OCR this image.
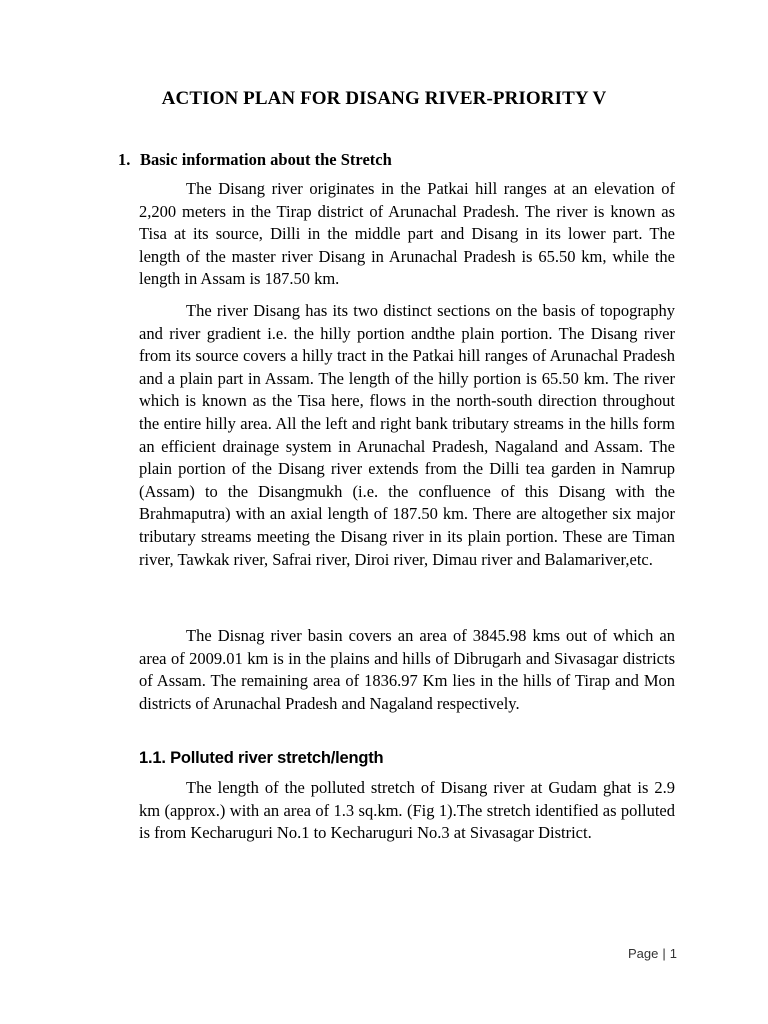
ACTION PLAN FOR DISANG RIVER-PRIORITY V
1. Basic information about the Stretch

The Disang river originates in the Patkai hill ranges at an elevation of 2,200 meters in the Tirap district of Arunachal Pradesh. The river is known as Tisa at its source, Dilli in the middle part and Disang in its lower part. The length of the master river Disang in Arunachal Pradesh is 65.50 km, while the length in Assam is 187.50 km.

The river Disang has its two distinct sections on the basis of topography and river gradient i.e. the hilly portion andthe plain portion. The Disang river from its source covers a hilly tract in the Patkai hill ranges of Arunachal Pradesh and a plain part in Assam. The length of the hilly portion is 65.50 km. The river which is known as the Tisa here, flows in the north-south direction throughout the entire hilly area. All the left and right bank tributary streams in the hills form an efficient drainage system in Arunachal Pradesh, Nagaland and Assam. The plain portion of the Disang river extends from the Dilli tea garden in Namrup (Assam) to the Disangmukh (i.e. the confluence of this Disang with the Brahmaputra) with an axial length of 187.50 km. There are altogether six major tributary streams meeting the Disang river in its plain portion. These are Timan river, Tawkak river, Safrai river, Diroi river, Dimau river and Balamariver,etc.

The Disnag river basin covers an area of 3845.98 kms out of which an area of 2009.01 km is in the plains and hills of Dibrugarh and Sivasagar districts of Assam. The remaining area of 1836.97 Km lies in the hills of Tirap and Mon districts of Arunachal Pradesh and Nagaland respectively.

1.1. Polluted river stretch/length

The length of the polluted stretch of Disang river at Gudam ghat is 2.9 km (approx.) with an area of 1.3 sq.km. (Fig 1).The stretch identified as polluted is from Kecharuguri No.1 to Kecharuguri No.3 at Sivasagar District.

Page | 1
